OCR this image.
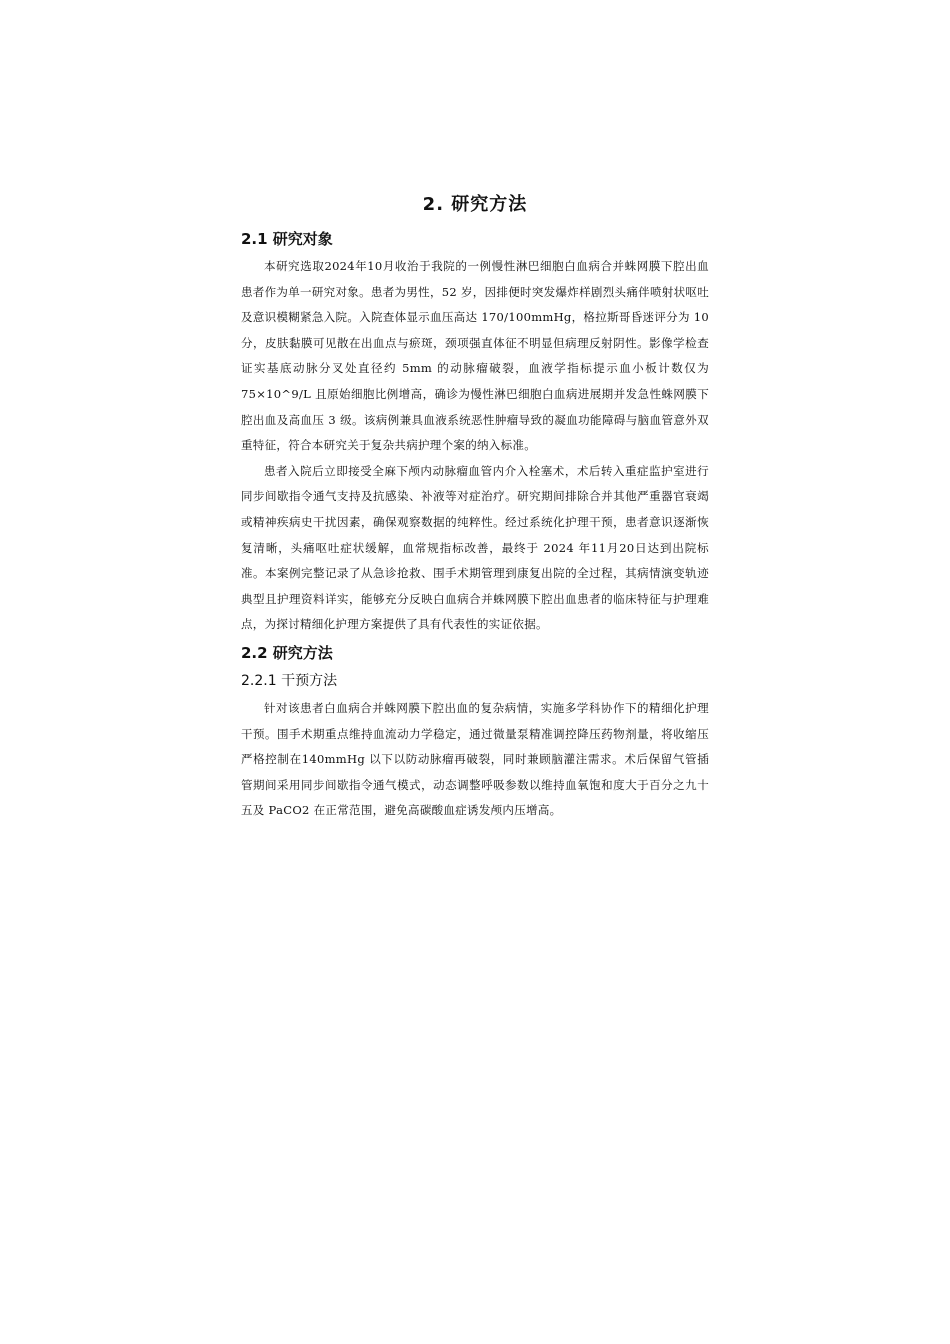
2. 研究方法
2.1 研究对象

本研究选取2024年10月收治于我院的一例慢性淋巴细胞白血病合并蛛网膜下腔出血患者作为单一研究对象。患者为男性，52 岁，因排便时突发爆炸样剧烈头痛伴喷射状呕吐及意识模糊紧急入院。入院查体显示血压高达 170/100mmHg，格拉斯哥昏迷评分为 10 分，皮肤黏膜可见散在出血点与瘀斑，颈项强直体征不明显但病理反射阴性。影像学检查证实基底动脉分叉处直径约 5mm 的动脉瘤破裂，血液学指标提示血小板计数仅为 75×10^9/L 且原始细胞比例增高，确诊为慢性淋巴细胞白血病进展期并发急性蛛网膜下腔出血及高血压 3 级。该病例兼具血液系统恶性肿瘤导致的凝血功能障碍与脑血管意外双重特征，符合本研究关于复杂共病护理个案的纳入标准。

患者入院后立即接受全麻下颅内动脉瘤血管内介入栓塞术，术后转入重症监护室进行同步间歇指令通气支持及抗感染、补液等对症治疗。研究期间排除合并其他严重器官衰竭或精神疾病史干扰因素，确保观察数据的纯粹性。经过系统化护理干预，患者意识逐渐恢复清晰，头痛呕吐症状缓解，血常规指标改善，最终于 2024 年11月20日达到出院标准。本案例完整记录了从急诊抢救、围手术期管理到康复出院的全过程，其病情演变轨迹典型且护理资料详实，能够充分反映白血病合并蛛网膜下腔出血患者的临床特征与护理难点，为探讨精细化护理方案提供了具有代表性的实证依据。

2.2 研究方法
2.2.1 干预方法

针对该患者白血病合并蛛网膜下腔出血的复杂病情，实施多学科协作下的精细化护理干预。围手术期重点维持血流动力学稳定，通过微量泵精准调控降压药物剂量，将收缩压严格控制在140mmHg 以下以防动脉瘤再破裂，同时兼顾脑灌注需求。术后保留气管插管期间采用同步间歇指令通气模式，动态调整呼吸参数以维持血氧饱和度大于百分之九十五及 PaCO2 在正常范围，避免高碳酸血症诱发颅内压增高。
